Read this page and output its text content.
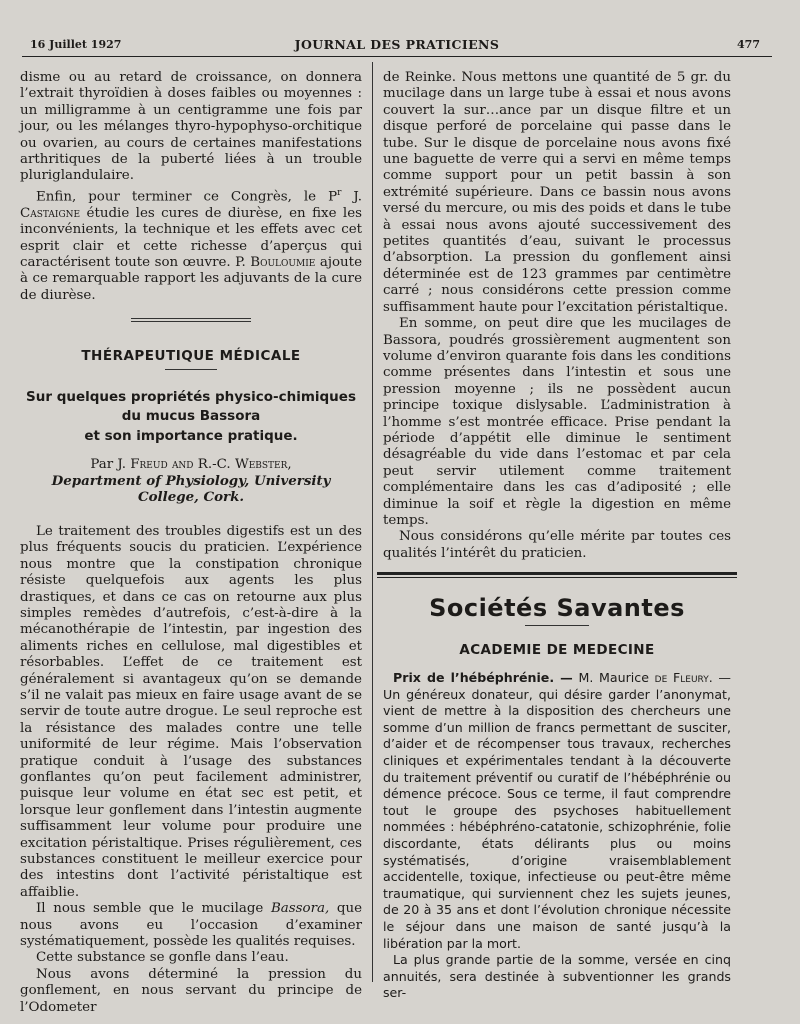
16 Juillet 1927	JOURNAL DES PRATICIENS	477

disme ou au retard de croissance, on donnera l’extrait thyroïdien à doses faibles ou moyennes : un milligramme à un centigramme une fois par jour, ou les mélanges thyro-hypophyso-orchitique ou ovarien, au cours de certaines manifestations arthritiques de la puberté liées à un trouble pluriglandulaire.

Enfin, pour terminer ce Congrès, le $P^r$ J. Castaigne étudie les cures de diurèse, en fixe les inconvénients, la technique et les effets avec cet esprit clair et cette richesse d’aperçus qui caractérisent toute son œuvre. P. Bouloumie ajoute à ce remarquable rapport les adjuvants de la cure de diurèse.

THÉRAPEUTIQUE MÉDICALE
Sur quelques propriétés physico-chimiques
du mucus Bassora
et son importance pratique.
Par J. Freud and R.-C. Webster,
Department of Physiology, University College, Cork.

Le traitement des troubles digestifs est un des plus fréquents soucis du praticien. L’expérience nous montre que la constipation chronique résiste quelquefois aux agents les plus drastiques, et dans ce cas on retourne aux plus simples remèdes d’autrefois, c’est-à-dire à la mécanothérapie de l’intestin, par ingestion des aliments riches en cellulose, mal digestibles et résorbables. L’effet de ce traitement est généralement si avantageux qu’on se demande s’il ne valait pas mieux en faire usage avant de se servir de toute autre drogue. Le seul reproche est la résistance des malades contre une telle uniformité de leur régime. Mais l’observation pratique conduit à l’usage des substances gonflantes qu’on peut facilement administrer, puisque leur volume en état sec est petit, et lorsque leur gonflement dans l’intestin augmente suffisamment leur volume pour produire une excitation péristaltique. Prises régulièrement, ces substances constituent le meilleur exercice pour des intestins dont l’activité péristaltique est affaiblie.

Il nous semble que le mucilage Bassora, que nous avons eu l’occasion d’examiner systématiquement, possède les qualités requises.

Cette substance se gonfle dans l’eau.

Nous avons déterminé la pression du gonflement, en nous servant du principe de l’Odometer

de Reinke. Nous mettons une quantité de 5 gr. du mucilage dans un large tube à essai et nous avons couvert la sur…ance par un disque filtre et un disque perforé de porcelaine qui passe dans le tube. Sur le disque de porcelaine nous avons fixé une baguette de verre qui a servi en même temps comme support pour un petit bassin à son extrémité supérieure. Dans ce bassin nous avons versé du mercure, ou mis des poids et dans le tube à essai nous avons ajouté successivement des petites quantités d’eau, suivant le processus d’absorption. La pression du gonflement ainsi déterminée est de 123 grammes par centimètre carré ; nous considérons cette pression comme suffisamment haute pour l’excitation péristaltique.

En somme, on peut dire que les mucilages de Bassora, poudrés grossièrement augmentent son volume d’environ quarante fois dans les conditions comme présentes dans l’intestin et sous une pression moyenne ; ils ne possèdent aucun principe toxique dislysable. L’administration à l’homme s’est montrée efficace. Prise pendant la période d’appétit elle diminue le sentiment désagréable du vide dans l’estomac et par cela peut servir utilement comme traitement complémentaire dans les cas d’adiposité ; elle diminue la soif et règle la digestion en même temps.

Nous considérons qu’elle mérite par toutes ces qualités l’intérêt du praticien.

Sociétés Savantes
ACADEMIE DE MEDECINE

Prix de l’hébéphrénie. — M. Maurice de Fleury. — Un généreux donateur, qui désire garder l’anonymat, vient de mettre à la disposition des chercheurs une somme d’un million de francs permettant de susciter, d’aider et de récompenser tous travaux, recherches cliniques et expérimentales tendant à la découverte du traitement préventif ou curatif de l’hébéphrénie ou démence précoce. Sous ce terme, il faut comprendre tout le groupe des psychoses habituellement nommées : hébéphréno-catatonie, schizophrénie, folie discordante, états délirants plus ou moins systématisés, d’origine vraisemblablement accidentelle, toxique, infectieuse ou peut-être même traumatique, qui surviennent chez les sujets jeunes, de 20 à 35 ans et dont l’évolution chronique nécessite le séjour dans une maison de santé jusqu’à la libération par la mort.

La plus grande partie de la somme, versée en cinq annuités, sera destinée à subventionner les grands ser-
